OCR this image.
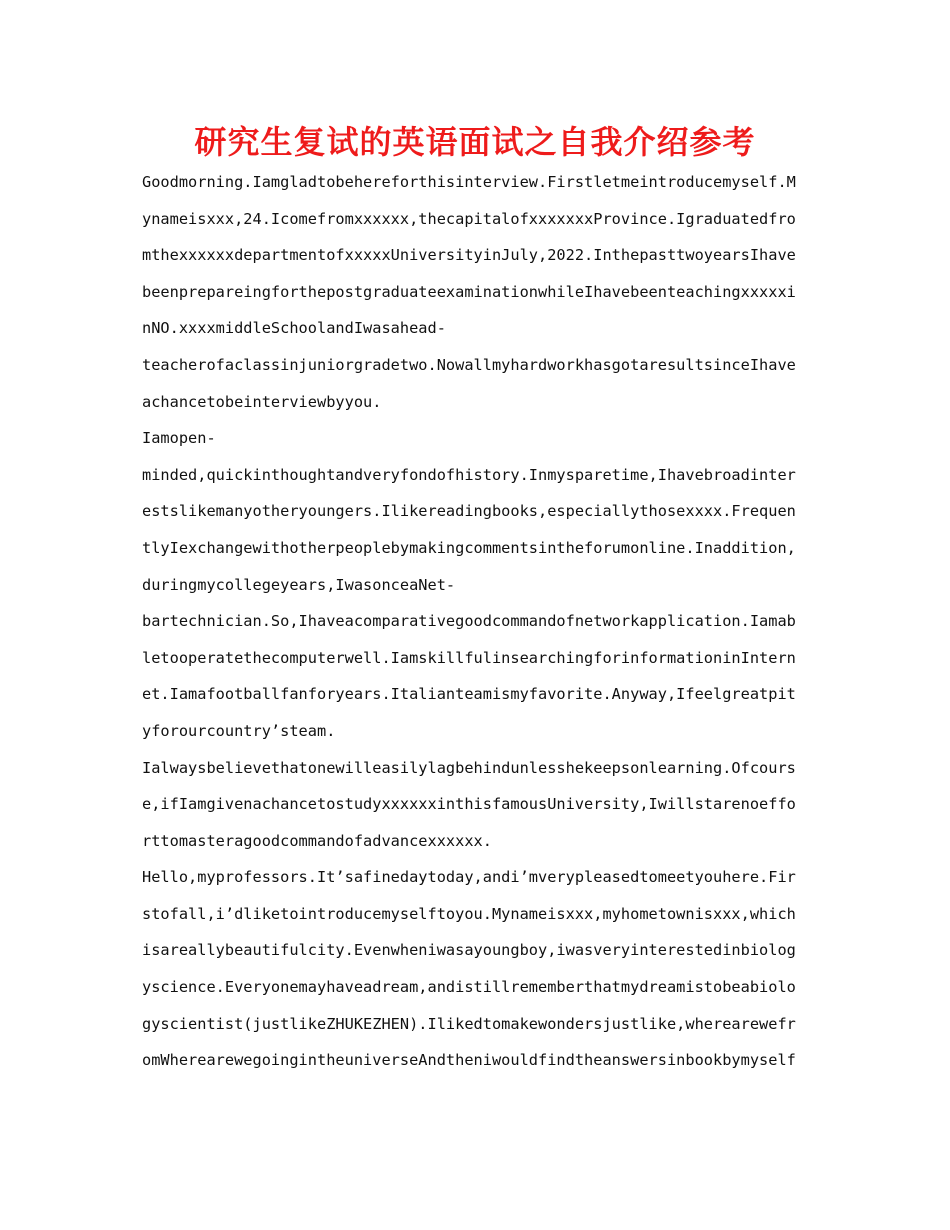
研究生复试的英语面试之自我介绍参考
Goodmorning.Iamgladtobehereforthisinterview.Firstletmeintroducemyself.M
ynameisxxx,24.Icomefromxxxxxx,thecapitalofxxxxxxxProvince.Igraduatedfro
mthexxxxxxdepartmentofxxxxxUniversityinJuly,2022.InthepasttwoyearsIhave
beenprepareingforthepostgraduateexaminationwhileIhavebeenteachingxxxxxi
nNO.xxxxmiddleSchoolandIwasahead-
teacherofaclassinjuniorgradetwo.NowallmyhardworkhasgotaresultsinceIhave
achancetobeinterviewbyyou.
Iamopen-
minded,quickinthoughtandveryfondofhistory.Inmysparetime,Ihavebroadinter
estslikemanyotheryoungers.Ilikereadingbooks,especiallythosexxxx.Frequen
tlyIexchangewithotherpeoplebymakingcommentsintheforumonline.Inaddition,
duringmycollegeyears,IwasonceaNet-
bartechnician.So,Ihaveacomparativegoodcommandofnetworkapplication.Iamab
letooperatethecomputerwell.IamskillfulinsearchingforinformationinIntern
et.Iamafootballfanforyears.Italianteamismyfavorite.Anyway,Ifeelgreatpit
yforourcountry’steam.
Ialwaysbelievethatonewilleasilylagbehindunlesshekeepsonlearning.Ofcours
e,ifIamgivenachancetostudyxxxxxxinthisfamousUniversity,Iwillstarenoeffo
rttomasteragoodcommandofadvancexxxxxx.
Hello,myprofessors.It’safinedaytoday,andi’mverypleasedtomeetyouhere.Fir
stofall,i’dliketointroducemyselftoyou.Mynameisxxx,myhometownisxxx,which
isareallybeautifulcity.Evenwheniwasayoungboy,iwasveryinterestedinbiolog
yscience.Everyonemayhaveadream,andistillrememberthatmydreamistobeabiolo
gyscientist(justlikeZHUKEZHEN).Ilikedtomakewondersjustlike,wherearewefr
omWherearewegoingintheuniverseAndtheniwouldfindtheanswersinbookbymyself
